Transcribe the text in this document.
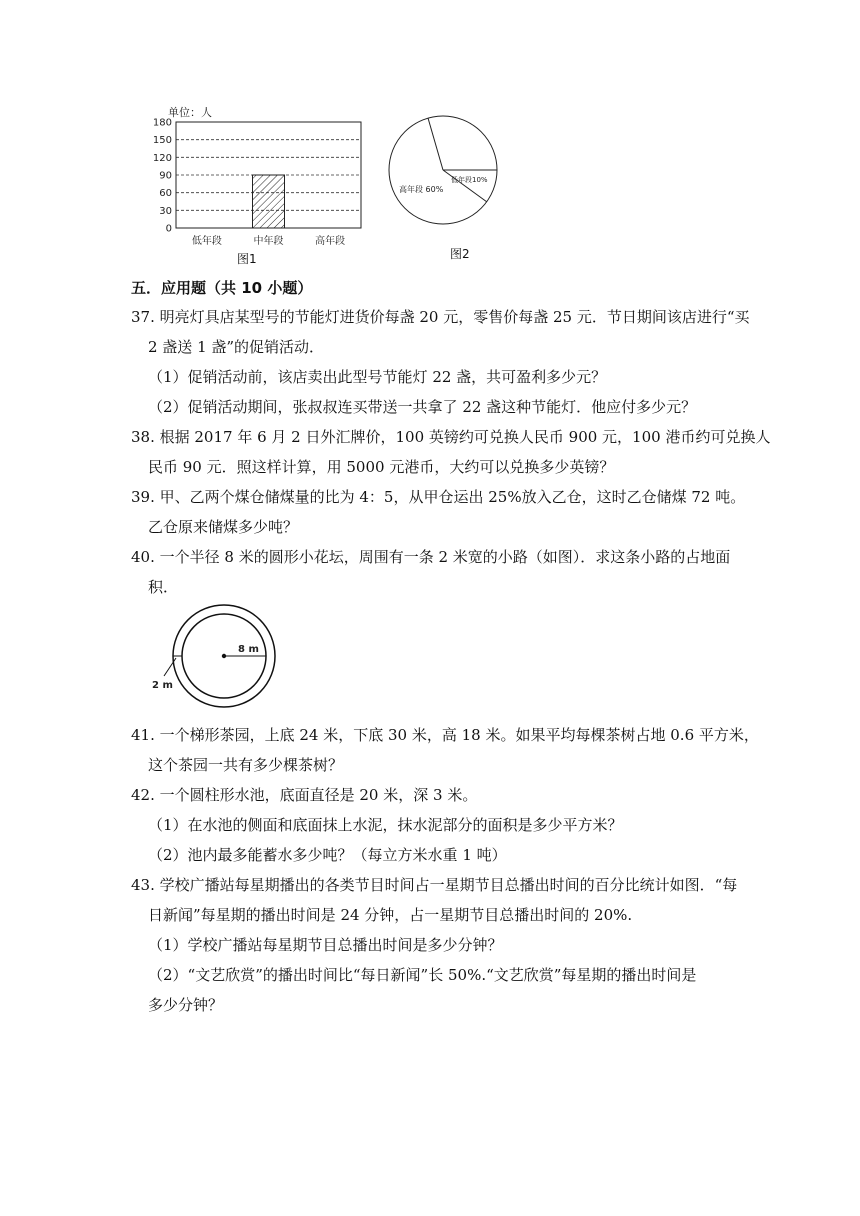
单位：人
0
30
60
90
120
150
180
低年段	中年段	高年段
图1
高年段 60%
低年段10%
图2
五．应用题（共 10 小题）
37. 明亮灯具店某型号的节能灯进货价每盏 20 元，零售价每盏 25 元．节日期间该店进行“买
2 盏送 1 盏”的促销活动．
（1）促销活动前，该店卖出此型号节能灯 22 盏，共可盈利多少元？
（2）促销活动期间，张叔叔连买带送一共拿了 22 盏这种节能灯．他应付多少元？
38. 根据 2017 年 6 月 2 日外汇牌价，100 英镑约可兑换人民币 900 元，100 港币约可兑换人
民币 90 元．照这样计算，用 5000 元港币，大约可以兑换多少英镑？
39. 甲、乙两个煤仓储煤量的比为 4：5，从甲仓运出 25%放入乙仓，这时乙仓储煤 72 吨。
乙仓原来储煤多少吨？
40. 一个半径 8 米的圆形小花坛，周围有一条 2 米宽的小路（如图）．求这条小路的占地面
积．
8 m
2 m
41. 一个梯形茶园，上底 24 米，下底 30 米，高 18 米。如果平均每棵茶树占地 0.6 平方米，
这个茶园一共有多少棵茶树？
42. 一个圆柱形水池，底面直径是 20 米，深 3 米。
（1）在水池的侧面和底面抹上水泥，抹水泥部分的面积是多少平方米？
（2）池内最多能蓄水多少吨？（每立方米水重 1 吨）
43. 学校广播站每星期播出的各类节目时间占一星期节目总播出时间的百分比统计如图．“每
日新闻”每星期的播出时间是 24 分钟，占一星期节目总播出时间的 20%.
（1）学校广播站每星期节目总播出时间是多少分钟？
（2）“文艺欣赏”的播出时间比“每日新闻”长 50%.“文艺欣赏”每星期的播出时间是
多少分钟？
